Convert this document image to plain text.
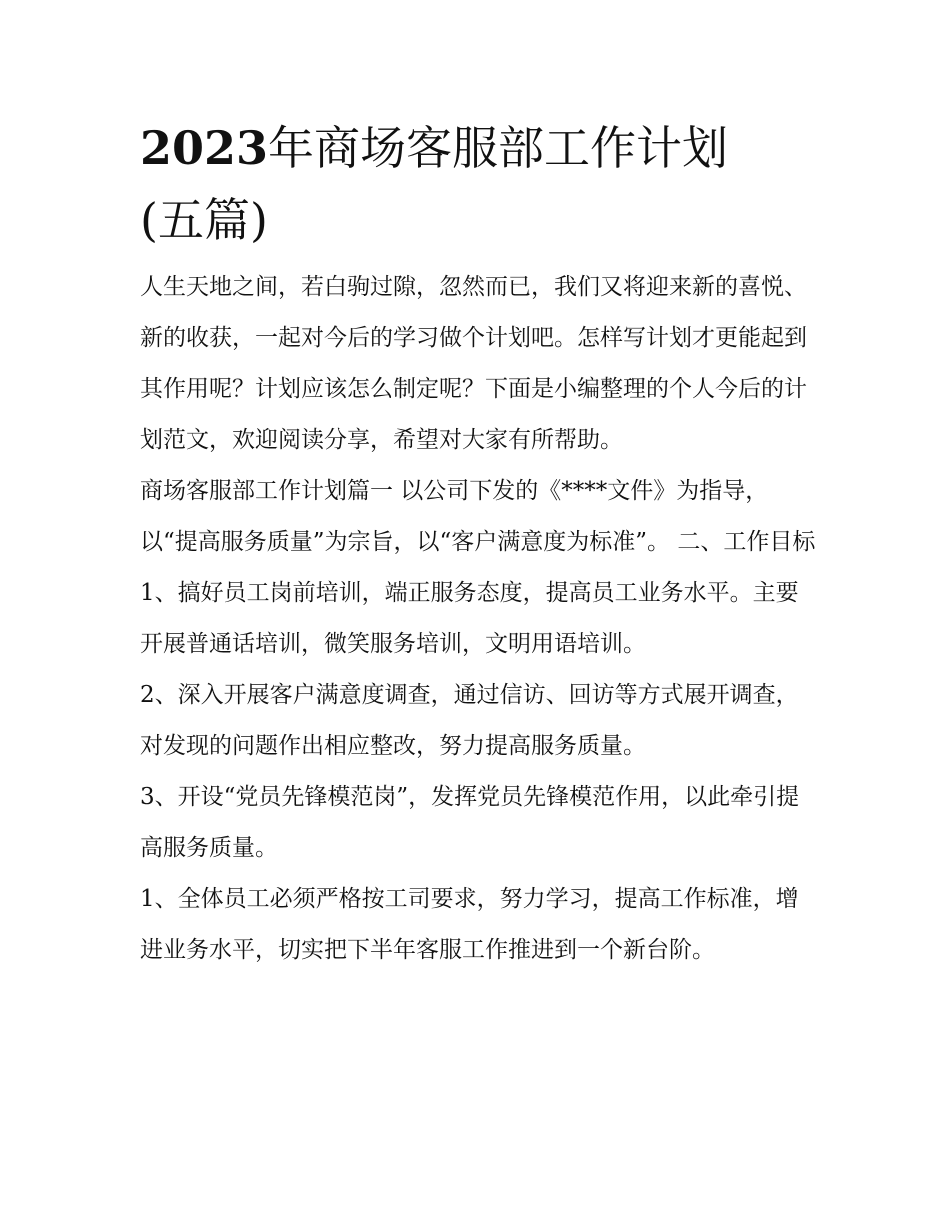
2023年商场客服部工作计划
(五篇)

人生天地之间，若白驹过隙，忽然而已，我们又将迎来新的喜悦、新的收获，一起对今后的学习做个计划吧。怎样写计划才更能起到其作用呢？计划应该怎么制定呢？下面是小编整理的个人今后的计划范文，欢迎阅读分享，希望对大家有所帮助。

商场客服部工作计划篇一 以公司下发的《****文件》为指导，以“提高服务质量”为宗旨，以“客户满意度为标准”。 二、工作目标

1、搞好员工岗前培训，端正服务态度，提高员工业务水平。主要开展普通话培训，微笑服务培训，文明用语培训。

2、深入开展客户满意度调查，通过信访、回访等方式展开调查，对发现的问题作出相应整改，努力提高服务质量。

3、开设“党员先锋模范岗”，发挥党员先锋模范作用，以此牵引提高服务质量。

1、全体员工必须严格按工司要求，努力学习，提高工作标准，增进业务水平，切实把下半年客服工作推进到一个新台阶。
